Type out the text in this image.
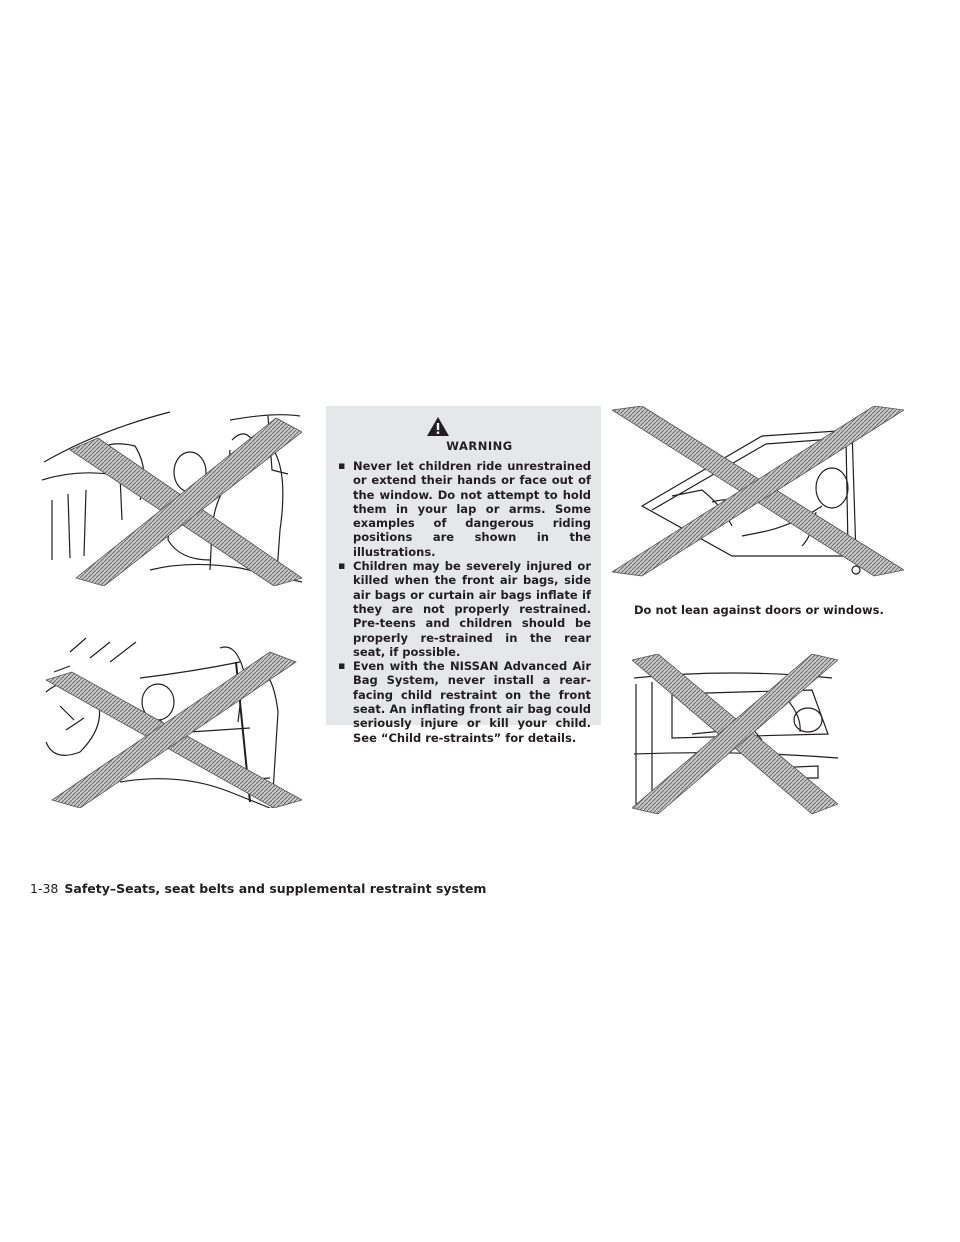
WARNING
▪ Never let children ride unrestrained or extend their hands or face out of the window. Do not attempt to hold them in your lap or arms. Some examples of dangerous riding positions are shown in the illustrations.
▪ Children may be severely injured or killed when the front air bags, side air bags or curtain air bags inflate if they are not properly restrained. Pre-teens and children should be properly re-strained in the rear seat, if possible.
▪ Even with the NISSAN Advanced Air Bag System, never install a rear-facing child restraint on the front seat. An inflating front air bag could seriously injure or kill your child. See “Child re-straints” for details.

Do not lean against doors or windows.

1-38 Safety–Seats, seat belts and supplemental restraint system
